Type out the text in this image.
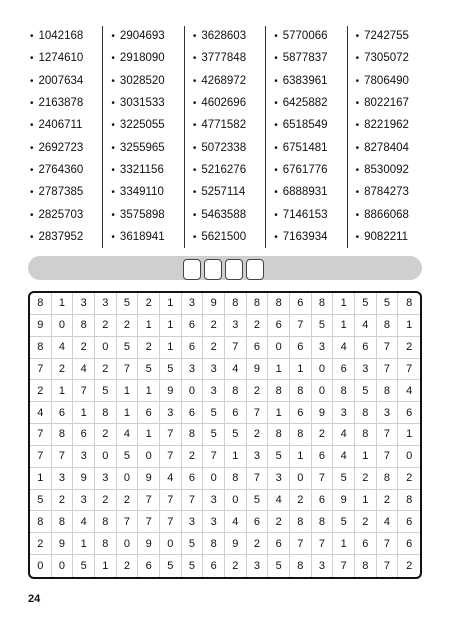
• 1042168
• 1274610
• 2007634
• 2163878
• 2406711
• 2692723
• 2764360
• 2787385
• 2825703
• 2837952
• 2904693
• 2918090
• 3028520
• 3031533
• 3225055
• 3255965
• 3321156
• 3349110
• 3575898
• 3618941
• 3628603
• 3777848
• 4268972
• 4602696
• 4771582
• 5072338
• 5216276
• 5257114
• 5463588
• 5621500
• 5770066
• 5877837
• 6383961
• 6425882
• 6518549
• 6751481
• 6761776
• 6888931
• 7146153
• 7163934
• 7242755
• 7305072
• 7806490
• 8022167
• 8221962
• 8278404
• 8530092
• 8784273
• 8866068
• 9082211
8	1	3	3	5	2	1	3	9	8	8	8	6	8	1	5	5	8
9	0	8	2	2	1	1	6	2	3	2	6	7	5	1	4	8	1
8	4	2	0	5	2	1	6	2	7	6	0	6	3	4	6	7	2
7	2	4	2	7	5	5	3	3	4	9	1	1	0	6	3	7	7
2	1	7	5	1	1	9	0	3	8	2	8	8	0	8	5	8	4
4	6	1	8	1	6	3	6	5	6	7	1	6	9	3	8	3	6
7	8	6	2	4	1	7	8	5	5	2	8	8	2	4	8	7	1
7	7	3	0	5	0	7	2	7	1	3	5	1	6	4	1	7	0
1	3	9	3	0	9	4	6	0	8	7	3	0	7	5	2	8	2
5	2	3	2	2	7	7	7	3	0	5	4	2	6	9	1	2	8
8	8	4	8	7	7	7	3	3	4	6	2	8	8	5	2	4	6
2	9	1	8	0	9	0	5	8	9	2	6	7	7	1	6	7	6
0	0	5	1	2	6	5	5	6	2	3	5	8	3	7	8	7	2
24
